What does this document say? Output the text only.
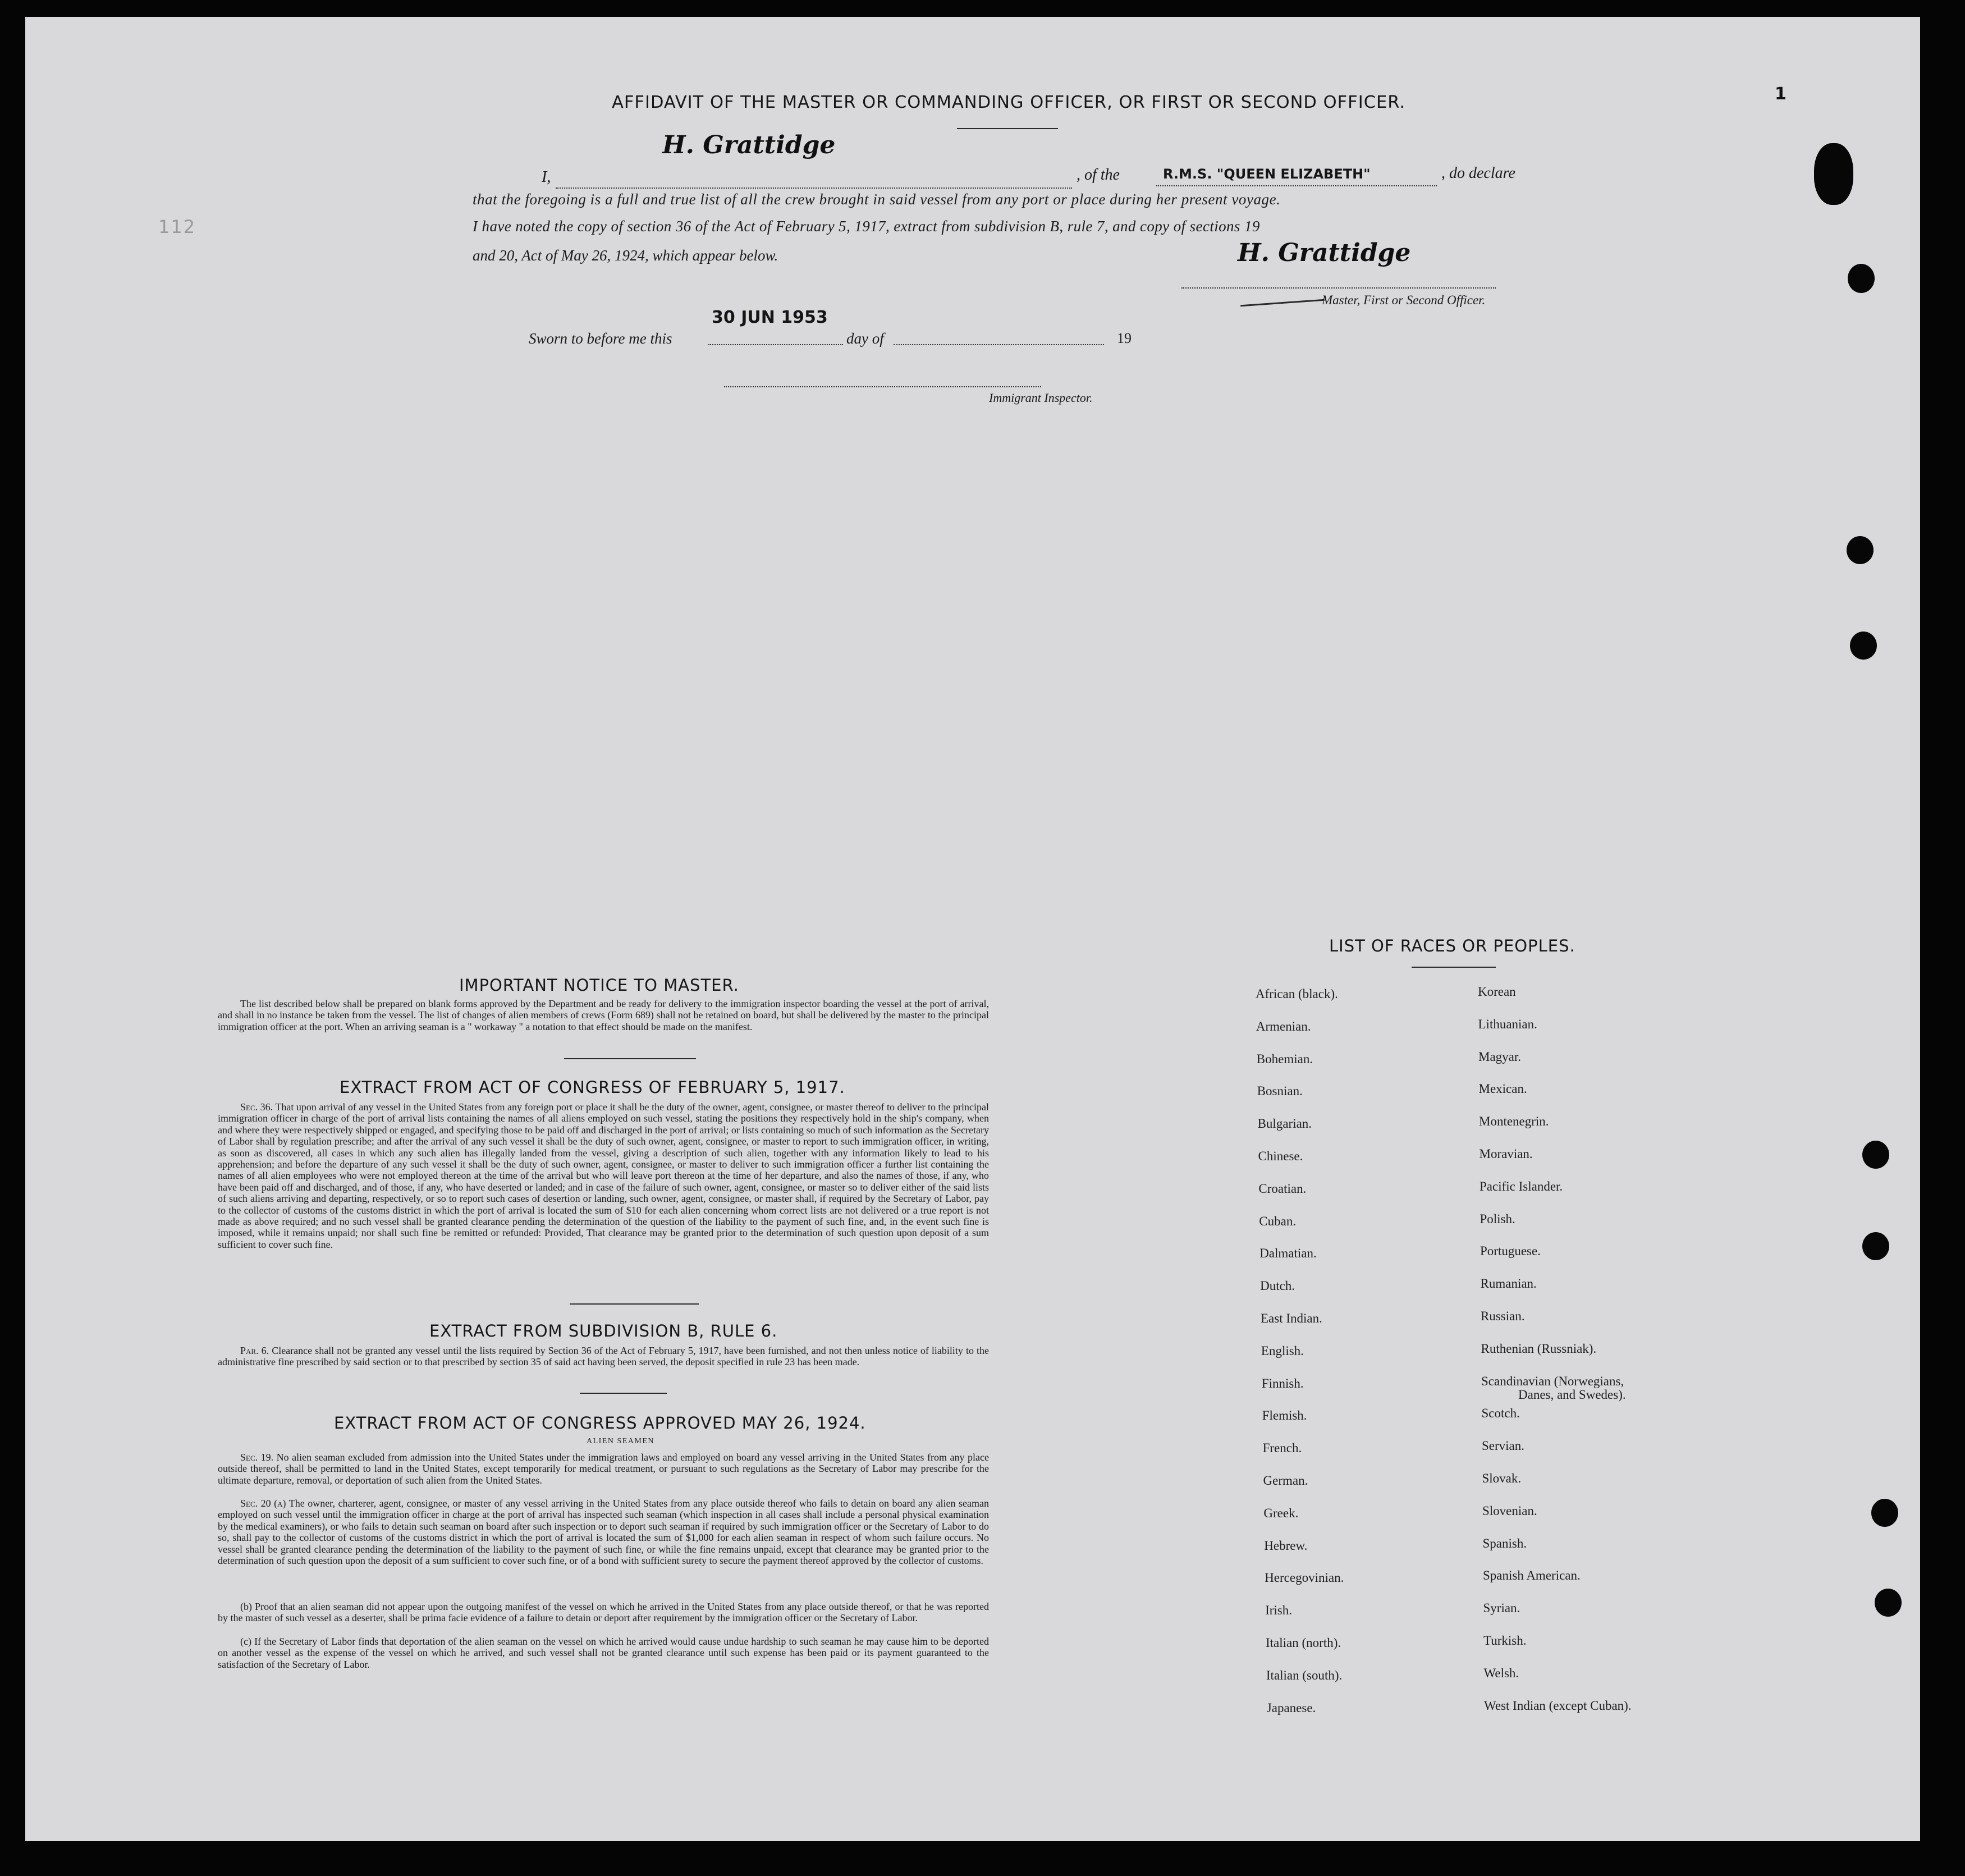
1
112
AFFIDAVIT OF THE MASTER OR COMMANDING OFFICER, OR FIRST OR SECOND OFFICER.
I,
H. Grattidge
, of the	R.M.S. "QUEEN ELIZABETH"	, do declare
that the foregoing is a full and true list of all the crew brought in said vessel from any port or place during her present voyage.
I have noted the copy of section 36 of the Act of February 5, 1917, extract from subdivision B, rule 7, and copy of sections 19
and 20, Act of May 26, 1924, which appear below.	H. Grattidge
Master, First or Second Officer.
30 JUN 1953
Sworn to before me this	day of	19
Immigrant Inspector.
IMPORTANT NOTICE TO MASTER.
The list described below shall be prepared on blank forms approved by the Department and be ready for delivery to the immigration inspector boarding the vessel at the port of arrival, and shall in no instance be taken from the vessel. The list of changes of alien members of crews (Form 689) shall not be retained on board, but shall be delivered by the master to the principal immigration officer at the port. When an arriving seaman is a " workaway " a notation to that effect should be made on the manifest.
EXTRACT FROM ACT OF CONGRESS OF FEBRUARY 5, 1917.
Sec. 36. That upon arrival of any vessel in the United States from any foreign port or place it shall be the duty of the owner, agent, consignee, or master thereof to deliver to the principal immigration officer in charge of the port of arrival lists containing the names of all aliens employed on such vessel, stating the positions they respectively hold in the ship's company, when and where they were respectively shipped or engaged, and specifying those to be paid off and discharged in the port of arrival; or lists containing so much of such information as the Secretary of Labor shall by regulation prescribe; and after the arrival of any such vessel it shall be the duty of such owner, agent, consignee, or master to report to such immigration officer, in writing, as soon as discovered, all cases in which any such alien has illegally landed from the vessel, giving a description of such alien, together with any information likely to lead to his apprehension; and before the departure of any such vessel it shall be the duty of such owner, agent, consignee, or master to deliver to such immigration officer a further list containing the names of all alien employees who were not employed thereon at the time of the arrival but who will leave port thereon at the time of her departure, and also the names of those, if any, who have been paid off and discharged, and of those, if any, who have deserted or landed; and in case of the failure of such owner, agent, consignee, or master so to deliver either of the said lists of such aliens arriving and departing, respectively, or so to report such cases of desertion or landing, such owner, agent, consignee, or master shall, if required by the Secretary of Labor, pay to the collector of customs of the customs district in which the port of arrival is located the sum of $10 for each alien concerning whom correct lists are not delivered or a true report is not made as above required; and no such vessel shall be granted clearance pending the determination of the question of the liability to the payment of such fine, and, in the event such fine is imposed, while it remains unpaid; nor shall such fine be remitted or refunded: Provided, That clearance may be granted prior to the determination of such question upon deposit of a sum sufficient to cover such fine.
EXTRACT FROM SUBDIVISION B, RULE 6.
Par. 6. Clearance shall not be granted any vessel until the lists required by Section 36 of the Act of February 5, 1917, have been furnished, and not then unless notice of liability to the administrative fine prescribed by said section or to that prescribed by section 35 of said act having been served, the deposit specified in rule 23 has been made.
EXTRACT FROM ACT OF CONGRESS APPROVED MAY 26, 1924.
ALIEN SEAMEN
Sec. 19. No alien seaman excluded from admission into the United States under the immigration laws and employed on board any vessel arriving in the United States from any place outside thereof, shall be permitted to land in the United States, except temporarily for medical treatment, or pursuant to such regulations as the Secretary of Labor may prescribe for the ultimate departure, removal, or deportation of such alien from the United States.
Sec. 20 (a) The owner, charterer, agent, consignee, or master of any vessel arriving in the United States from any place outside thereof who fails to detain on board any alien seaman employed on such vessel until the immigration officer in charge at the port of arrival has inspected such seaman (which inspection in all cases shall include a personal physical examination by the medical examiners), or who fails to detain such seaman on board after such inspection or to deport such seaman if required by such immigration officer or the Secretary of Labor to do so, shall pay to the collector of customs of the customs district in which the port of arrival is located the sum of $1,000 for each alien seaman in respect of whom such failure occurs. No vessel shall be granted clearance pending the determination of the liability to the payment of such fine, or while the fine remains unpaid, except that clearance may be granted prior to the determination of such question upon the deposit of a sum sufficient to cover such fine, or of a bond with sufficient surety to secure the payment thereof approved by the collector of customs.
(b) Proof that an alien seaman did not appear upon the outgoing manifest of the vessel on which he arrived in the United States from any place outside thereof, or that he was reported by the master of such vessel as a deserter, shall be prima facie evidence of a failure to detain or deport after requirement by the immigration officer or the Secretary of Labor.
(c) If the Secretary of Labor finds that deportation of the alien seaman on the vessel on which he arrived would cause undue hardship to such seaman he may cause him to be deported on another vessel as the expense of the vessel on which he arrived, and such vessel shall not be granted clearance until such expense has been paid or its payment guaranteed to the satisfaction of the Secretary of Labor.
LIST OF RACES OR PEOPLES.
African (black).
Armenian.
Bohemian.
Bosnian.
Bulgarian.
Chinese.
Croatian.
Cuban.
Dalmatian.
Dutch.
East Indian.
English.
Finnish.
Flemish.
French.
German.
Greek.
Hebrew.
Hercegovinian.
Irish.
Italian (north).
Italian (south).
Japanese.
Korean
Lithuanian.
Magyar.
Mexican.
Montenegrin.
Moravian.
Pacific Islander.
Polish.
Portuguese.
Rumanian.
Russian.
Ruthenian (Russniak).
Scandinavian (Norwegians,
Scotch.
Servian.
Slovak.
Slovenian.
Spanish.
Spanish American.
Syrian.
Turkish.
Welsh.
West Indian (except Cuban).
Danes, and Swedes).
